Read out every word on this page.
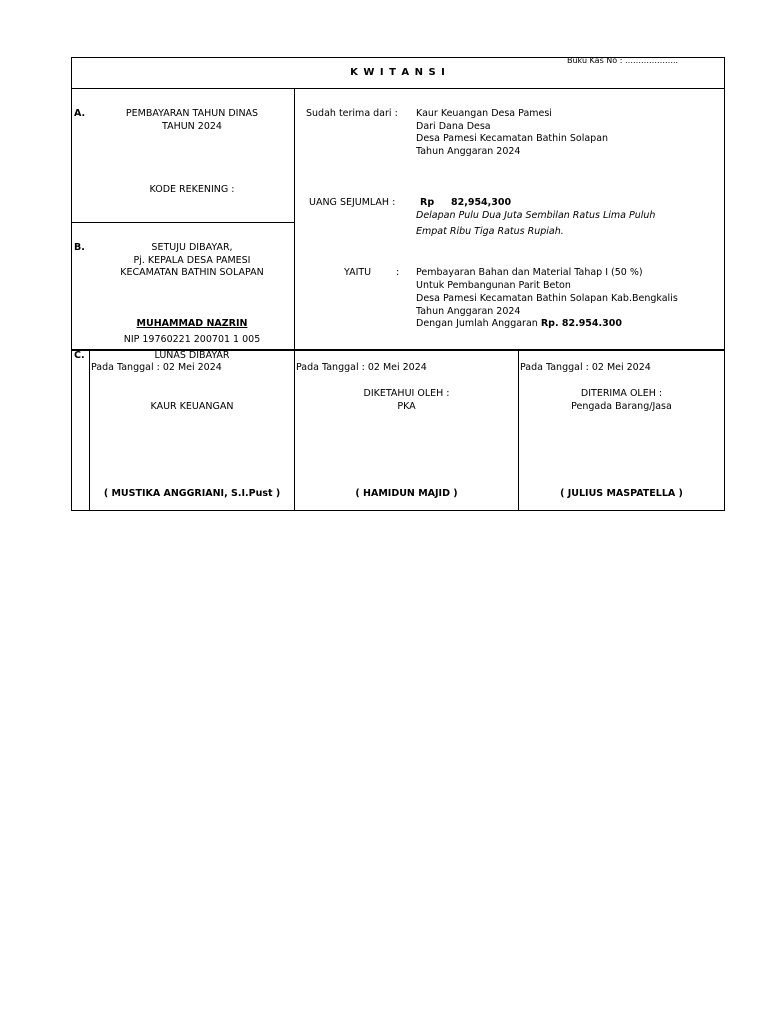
Buku Kas No : ………………..
K W I T A N S I
A.	PEMBAYARAN TAHUN DINAS
TAHUN 2024
KODE REKENING :
Sudah terima dari : Kaur Keuangan Desa Pamesi
Dari Dana Desa
Desa Pamesi Kecamatan Bathin Solapan
Tahun Anggaran 2024
UANG SEJUMLAH :	Rp 82,954,300
Delapan Pulu Dua Juta Sembilan Ratus Lima Puluh
Empat Ribu Tiga Ratus Rupiah.
YAITU	: Pembayaran Bahan dan Material Tahap I (50 %)
Untuk Pembangunan Parit Beton
Desa Pamesi Kecamatan Bathin Solapan Kab.Bengkalis
Tahun Anggaran 2024
Dengan Jumlah Anggaran Rp. 82.954.300
B.	SETUJU DIBAYAR,
Pj. KEPALA DESA PAMESI
KECAMATAN BATHIN SOLAPAN
MUHAMMAD NAZRIN
NIP 19760221 200701 1 005
C.	LUNAS DIBAYAR
Pada Tanggal : 02 Mei 2024
KAUR KEUANGAN
( MUSTIKA ANGGRIANI, S.I.Pust )
Pada Tanggal : 02 Mei 2024
DIKETAHUI OLEH :
PKA
( HAMIDUN MAJID )
Pada Tanggal : 02 Mei 2024
DITERIMA OLEH :
Pengada Barang/Jasa
( JULIUS MASPATELLA )
